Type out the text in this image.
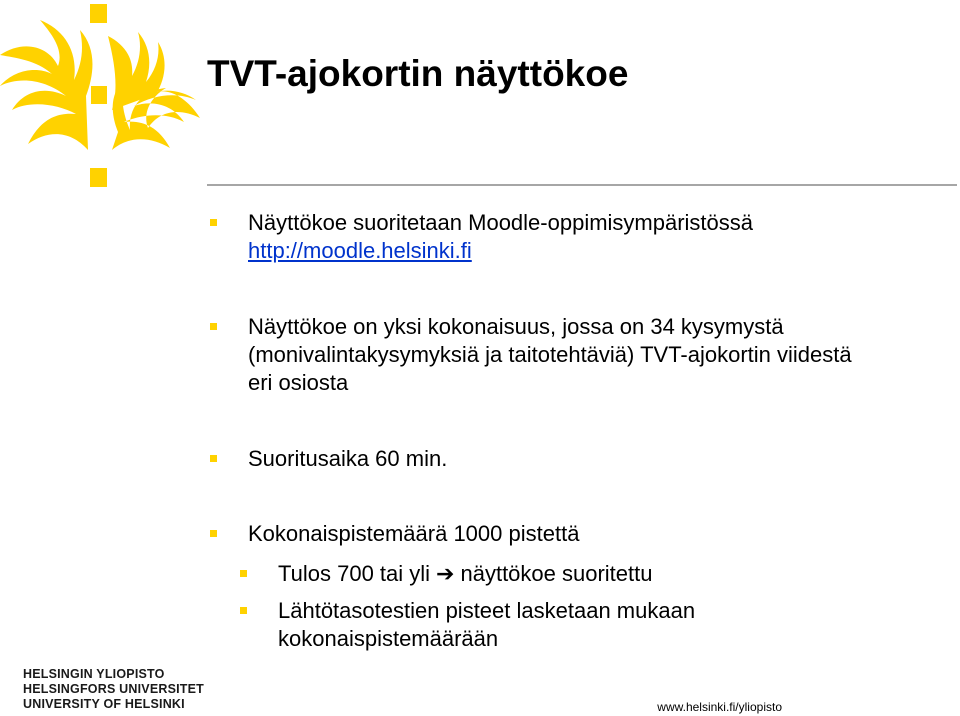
TVT-ajokortin näyttökoe
Näyttökoe suoritetaan Moodle-oppimisympäristössä
http://moodle.helsinki.fi
Näyttökoe on yksi kokonaisuus, jossa on 34 kysymystä
(monivalintakysymyksiä ja taitotehtäviä) TVT-ajokortin viidestä
eri osiosta
Suoritusaika 60 min.
Kokonaispistemäärä 1000 pistettä
Tulos 700 tai yli ➔ näyttökoe suoritettu
Lähtötasotestien pisteet lasketaan mukaan
kokonaispistemäärään
HELSINGIN YLIOPISTO
HELSINGFORS UNIVERSITET
UNIVERSITY OF HELSINKI	www.helsinki.fi/yliopisto
